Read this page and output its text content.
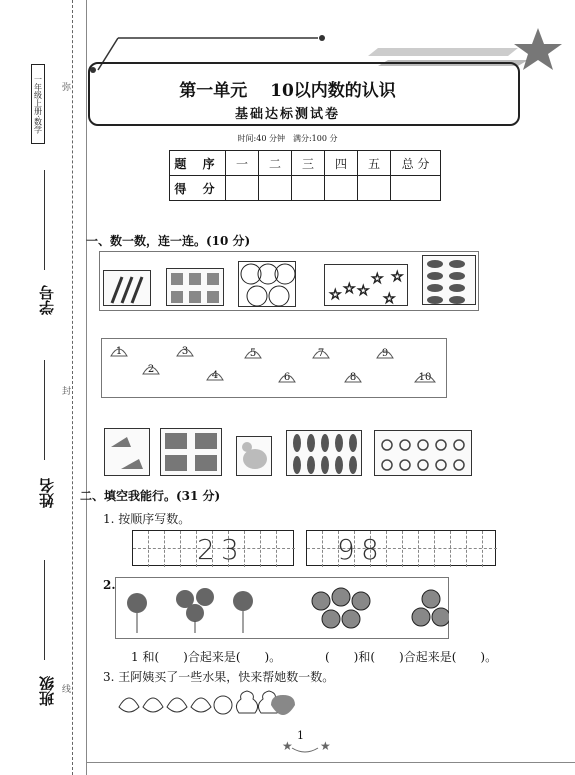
一年级上册·数学 弥
封
线
学号
姓名
班级
第一单元　 10以内数的认识
基础达标测试卷
时间:40 分钟　满分:100 分
题 序	一	二	三	四	五	总 分
得 分						
一、数一数，连一连。(10 分)
☆ ☆ ☆
☆
☆
☆
1
2
3
4
5
6
7
8
9
10
二、填空我能行。(31 分)
1. 按顺序写数。
2 3	9 8
2.
1 和(　　)合起来是(　　)。	(　　)和(　　)合起来是(　　)。
3. 王阿姨买了一些水果，快来帮她数一数。
★ ★
1
